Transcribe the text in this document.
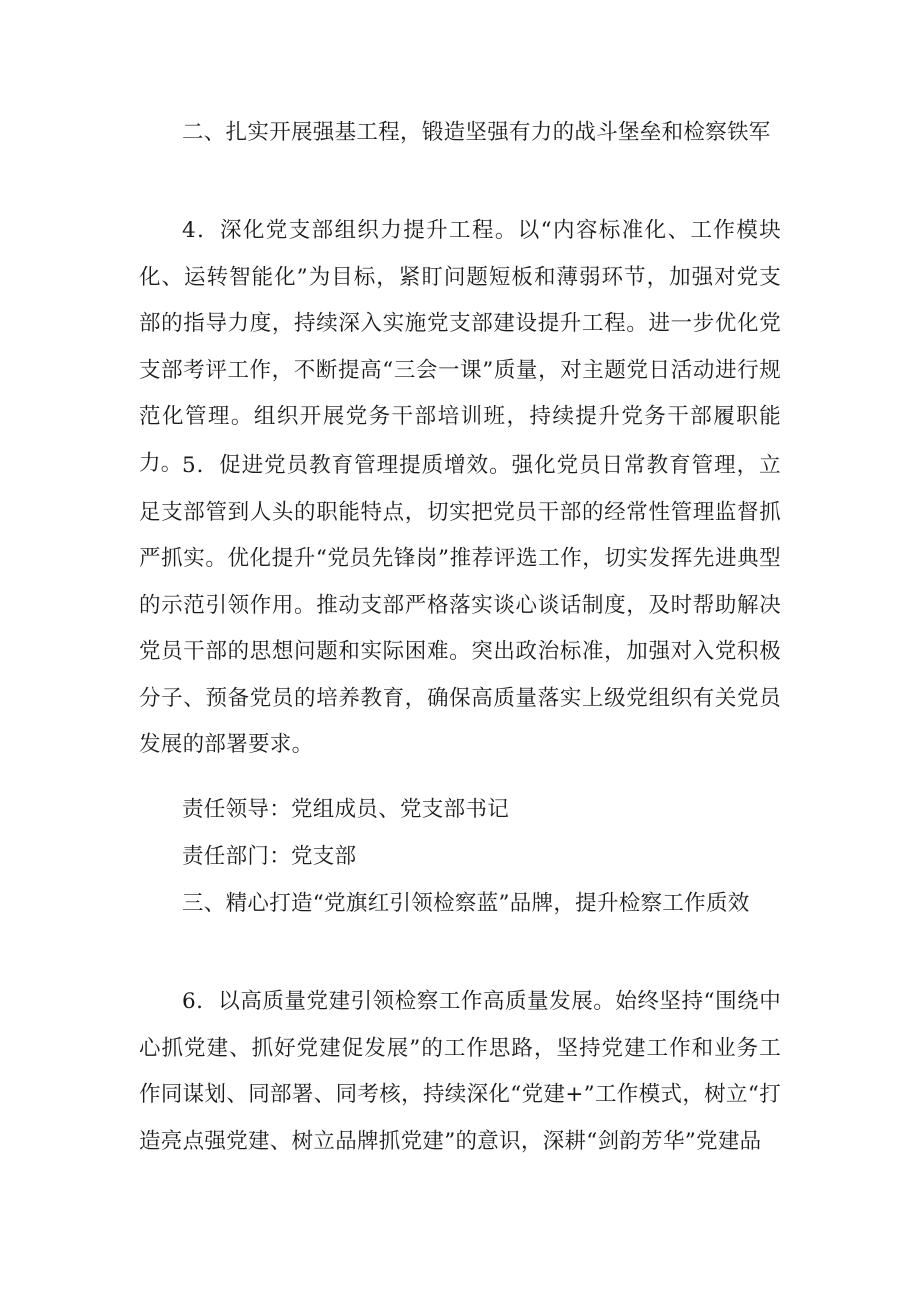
二、扎实开展强基工程，锻造坚强有力的战斗堡垒和检察铁军

4．深化党支部组织力提升工程。以“内容标准化、工作模块化、运转智能化”为目标，紧盯问题短板和薄弱环节，加强对党支部的指导力度，持续深入实施党支部建设提升工程。进一步优化党支部考评工作，不断提高“三会一课”质量，对主题党日活动进行规范化管理。组织开展党务干部培训班，持续提升党务干部履职能力。 5．促进党员教育管理提质增效。强化党员日常教育管理，立足支部管到人头的职能特点，切实把党员干部的经常性管理监督抓严抓实。优化提升“党员先锋岗”推荐评选工作，切实发挥先进典型的示范引领作用。推动支部严格落实谈心谈话制度，及时帮助解决党员干部的思想问题和实际困难。突出政治标准，加强对入党积极分子、预备党员的培养教育，确保高质量落实上级党组织有关党员发展的部署要求。

责任领导：党组成员、党支部书记

责任部门：党支部

三、精心打造“党旗红引领检察蓝”品牌，提升检察工作质效

6．以高质量党建引领检察工作高质量发展。始终坚持“围绕中心抓党建、抓好党建促发展”的工作思路，坚持党建工作和业务工作同谋划、同部署、同考核，持续深化“党建+”工作模式，树立“打造亮点强党建、树立品牌抓党建”的意识，深耕“剑韵芳华”党建品
